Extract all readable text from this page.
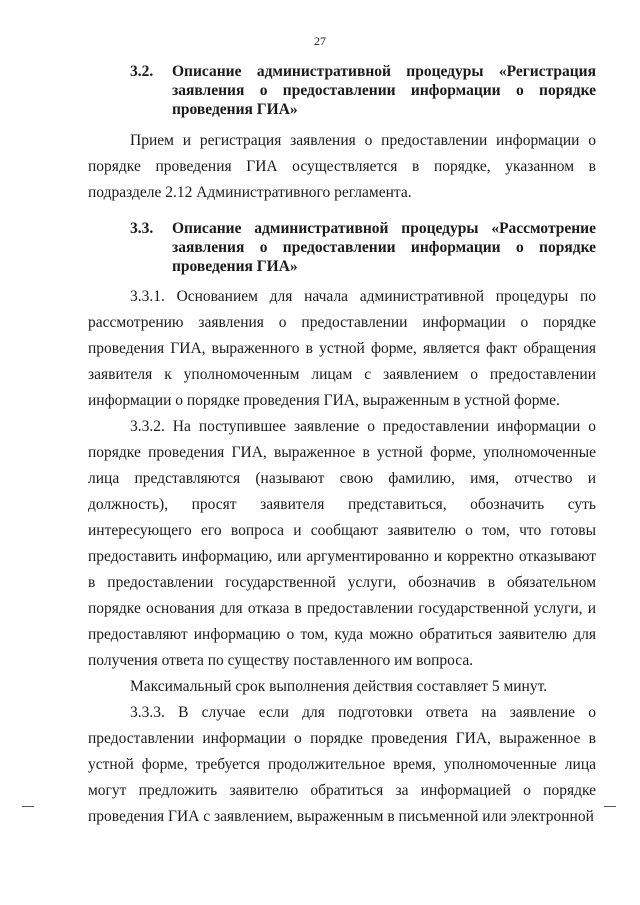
27
3.2. Описание административной процедуры «Регистрация заявления о предоставлении информации о порядке проведения ГИА»
Прием и регистрация заявления о предоставлении информации о порядке проведения ГИА осуществляется в порядке, указанном в подразделе 2.12 Административного регламента.
3.3. Описание административной процедуры «Рассмотрение заявления о предоставлении информации о порядке проведения ГИА»
3.3.1. Основанием для начала административной процедуры по рассмотрению заявления о предоставлении информации о порядке проведения ГИА, выраженного в устной форме, является факт обращения заявителя к уполномоченным лицам с заявлением о предоставлении информации о порядке проведения ГИА, выраженным в устной форме.
3.3.2. На поступившее заявление о предоставлении информации о порядке проведения ГИА, выраженное в устной форме, уполномоченные лица представляются (называют свою фамилию, имя, отчество и должность), просят заявителя представиться, обозначить суть интересующего его вопроса и сообщают заявителю о том, что готовы предоставить информацию, или аргументированно и корректно отказывают в предоставлении государственной услуги, обозначив в обязательном порядке основания для отказа в предоставлении государственной услуги, и предоставляют информацию о том, куда можно обратиться заявителю для получения ответа по существу поставленного им вопроса.
Максимальный срок выполнения действия составляет 5 минут.
3.3.3. В случае если для подготовки ответа на заявление о предоставлении информации о порядке проведения ГИА, выраженное в устной форме, требуется продолжительное время, уполномоченные лица могут предложить заявителю обратиться за информацией о порядке проведения ГИА с заявлением, выраженным в письменной или электронной
